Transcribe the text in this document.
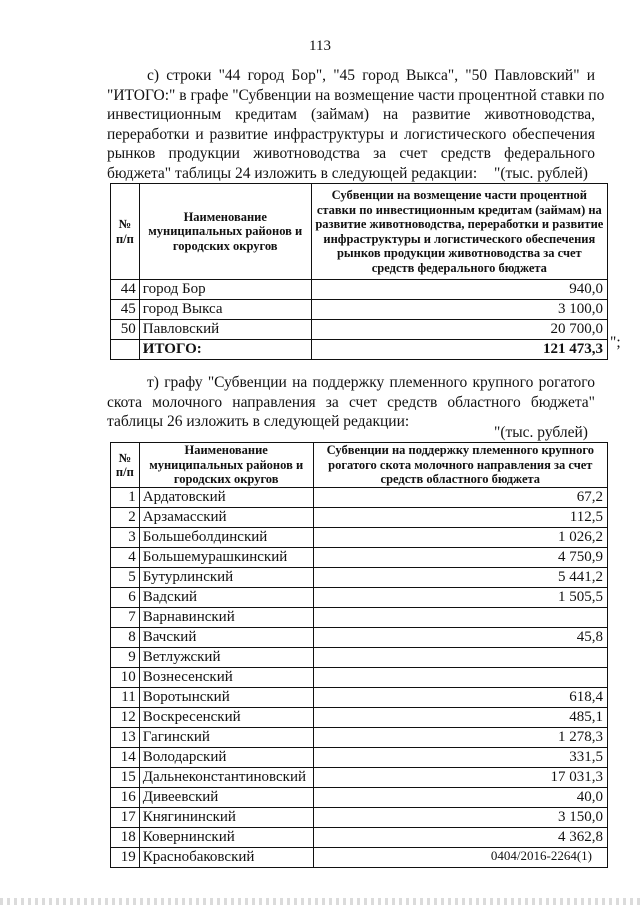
113
с) строки "44 город Бор", "45 город Выкса", "50 Павловский" и
"ИТОГО:" в графе "Субвенции на возмещение части процентной ставки по
инвестиционным кредитам (займам) на развитие животноводства,
переработки и развитие инфраструктуры и логистического обеспечения
рынков продукции животноводства за счет средств федерального
бюджета" таблицы 24 изложить в следующей редакции:	"(тыс. рублей)
№ п/п	Наименование муниципальных районов и городских округов	Субвенции на возмещение части процентной ставки по инвестиционным кредитам (займам) на развитие животноводства, переработки и развитие инфраструктуры и логистического обеспечения рынков продукции животноводства за счет средств федерального бюджета
44	город Бор	940,0
45	город Выкса	3 100,0
50	Павловский	20 700,0
	ИТОГО:	121 473,3 ";
т) графу "Субвенции на поддержку племенного крупного рогатого
скота молочного направления за счет средств областного бюджета"
таблицы 26 изложить в следующей редакции:
"(тыс. рублей)
№ п/п	Наименование муниципальных районов и городских округов	Субвенции на поддержку племенного крупного рогатого скота молочного направления за счет средств областного бюджета
1	Ардатовский	67,2
2	Арзамасский	112,5
3	Большеболдинский	1 026,2
4	Большемурашкинский	4 750,9
5	Бутурлинский	5 441,2
6	Вадский	1 505,5
7	Варнавинский	
8	Вачский	45,8
9	Ветлужский	
10	Вознесенский	
11	Воротынский	618,4
12	Воскресенский	485,1
13	Гагинский	1 278,3
14	Володарский	331,5
15	Дальнеконстантиновский	17 031,3
16	Дивеевский	40,0
17	Княгининский	3 150,0
18	Ковернинский	4 362,8
19	Краснобаковский		0404/2016-2264(1)
